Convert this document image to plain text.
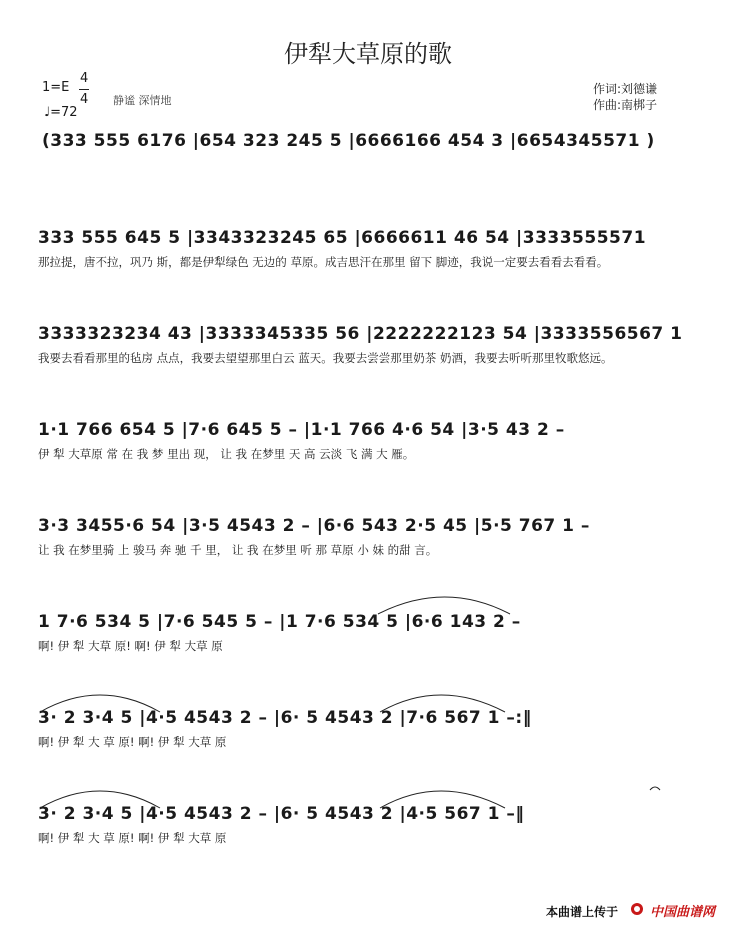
伊犁大草原的歌
1=E
4
4
♩=72
静谧 深情地
作词:刘德谦
作曲:南梆子
(333 555 6176 |654 323 245 5 |6666166 454 3 |6654345571 )
333 555 645 5 |3343323245 65 |6666611 46 54 |3333555571
那拉提，唐不拉，巩乃 斯，都是伊犁绿色 无边的 草原。成吉思汗在那里 留下 脚迹，我说一定要去看看去看看。
3333323234 43 |3333345335 56 |2222222123 54 |3333556567 1
我要去看看那里的毡房 点点，我要去望望那里白云 蓝天。我要去尝尝那里奶茶 奶酒，我要去听听那里牧歌悠远。
1·1 766 654 5 |7·6 645 5 – |1·1 766 4·6 54 |3·5 43 2 –
伊 犁 大草原 常 在 我 梦 里出 现， 让 我 在梦里 天 高 云淡 飞 满 大 雁。
3·3 3455·6 54 |3·5 4543 2 – |6·6 543 2·5 45 |5·5 767 1 –
让 我 在梦里骑 上 骏马 奔 驰 千 里， 让 我 在梦里 听 那 草原 小 妹 的甜 言。
1 7·6 534 5 |7·6 545 5 – |1 7·6 534 5 |6·6 143 2 –
啊! 伊 犁 大草 原! 啊! 伊 犁 大草 原
3· 2 3·4 5 |4·5 4543 2 – |6· 5 4543 2 |7·6 567 1 –:‖
啊! 伊 犁 大 草 原! 啊! 伊 犁 大草 原
3· 2 3·4 5 |4·5 4543 2 – |6· 5 4543 2 |4·5 567 1 –‖
啊! 伊 犁 大 草 原! 啊! 伊 犁 大草 原
本曲谱上传于 中国曲谱网
